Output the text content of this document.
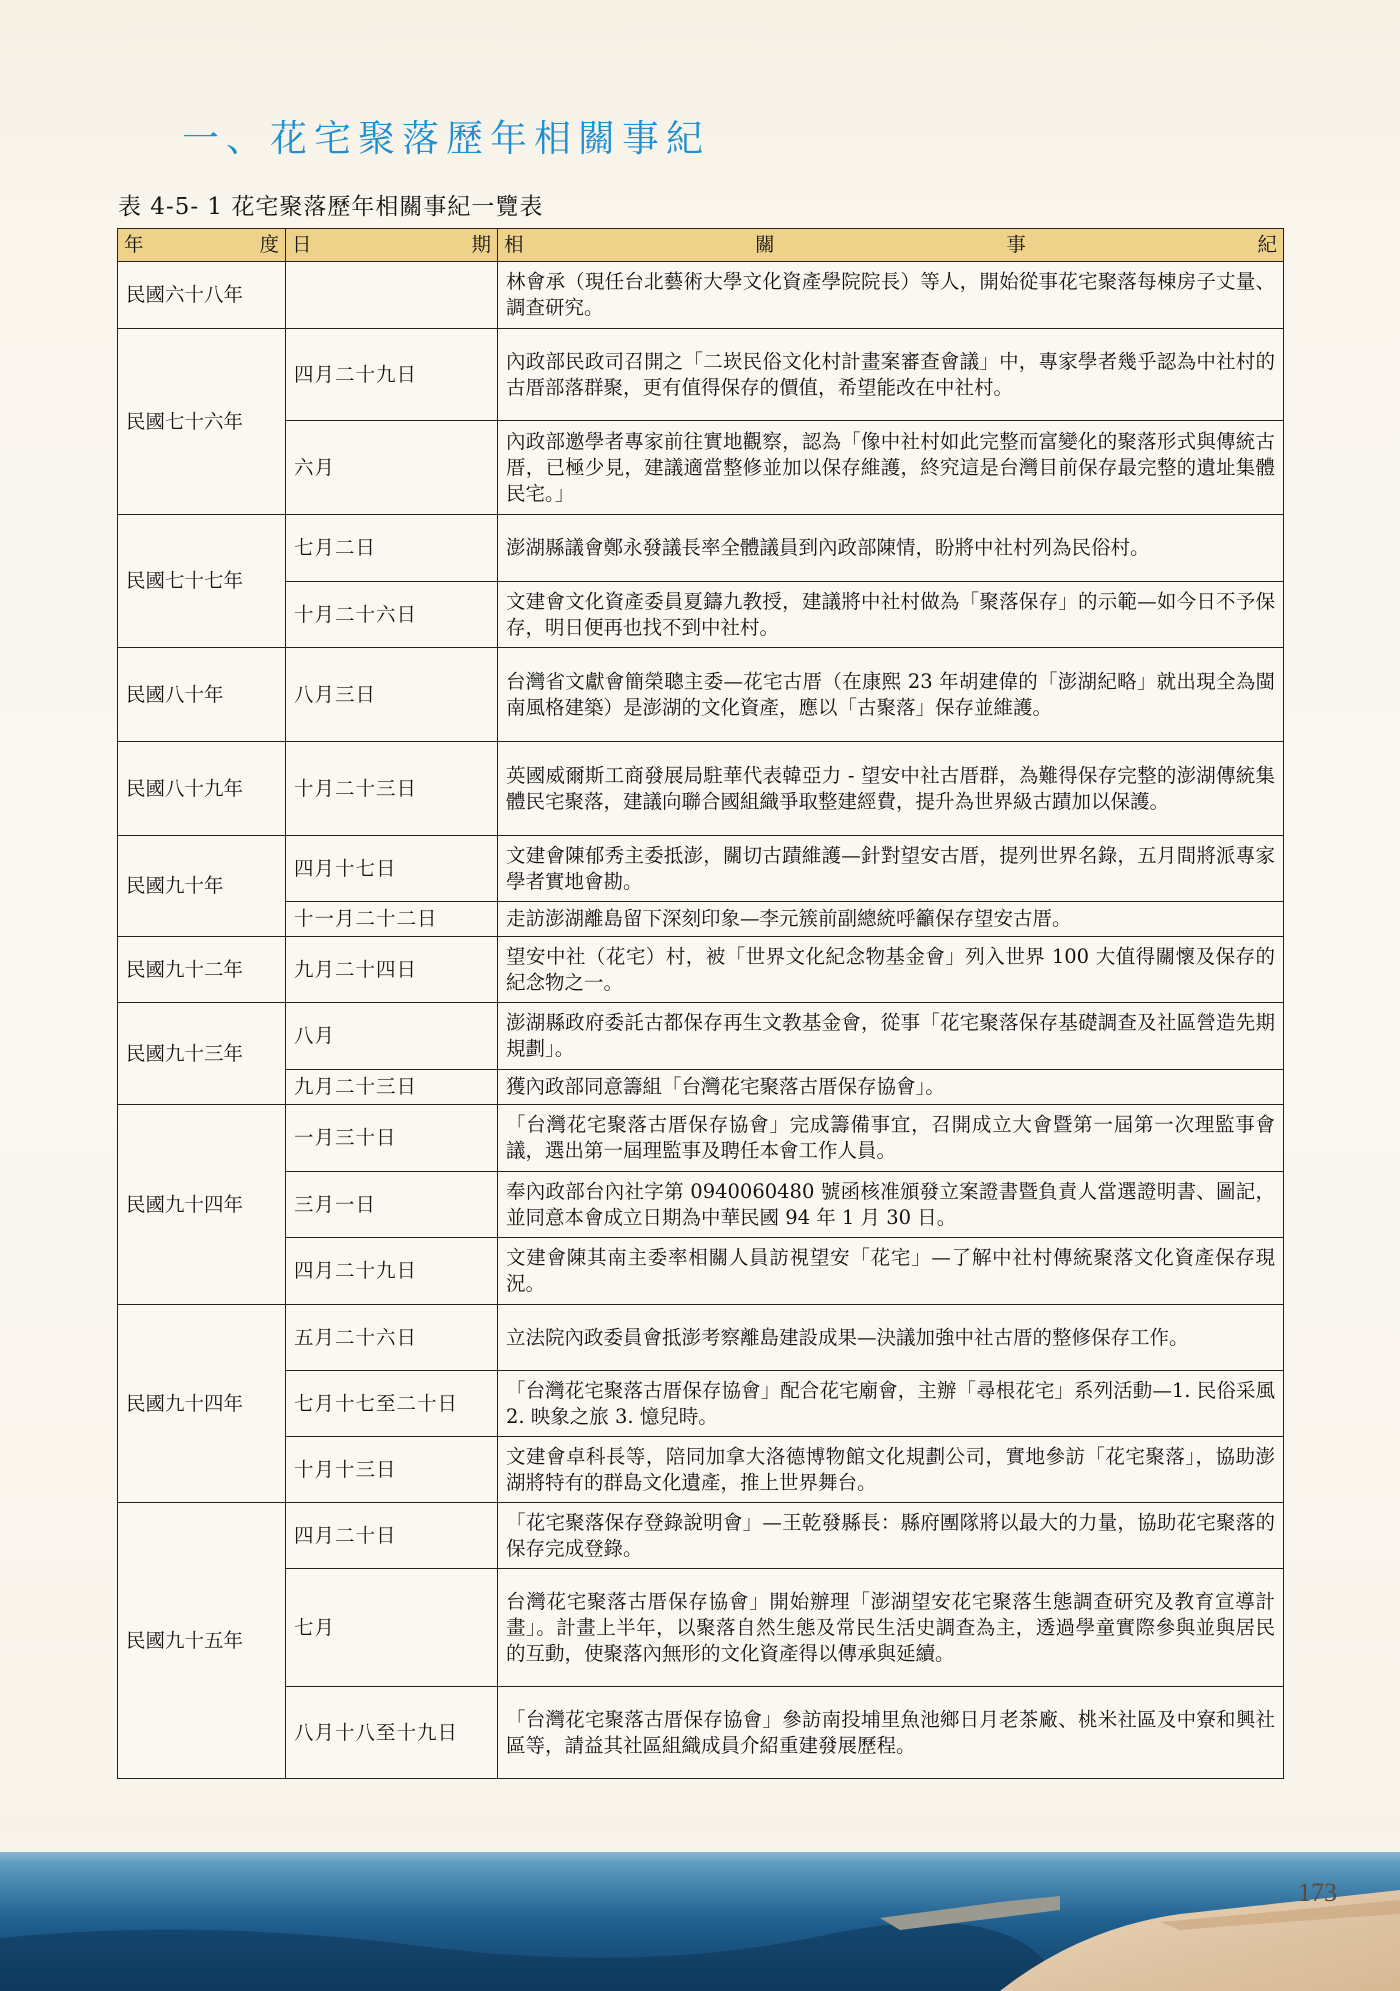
一、花宅聚落歷年相關事紀
表 4-5- 1 花宅聚落歷年相關事紀一覽表
年 度	日 期	相 關 事 紀

民國六十八年		林會承（現任台北藝術大學文化資產學院院長）等人，開始從事花宅聚落每棟房子丈量、調查研究。
民國七十六年	四月二十九日	內政部民政司召開之「二崁民俗文化村計畫案審查會議」中，專家學者幾乎認為中社村的古厝部落群聚，更有值得保存的價值，希望能改在中社村。
	六月	內政部邀學者專家前往實地觀察，認為「像中社村如此完整而富變化的聚落形式與傳統古厝，已極少見，建議適當整修並加以保存維護，終究這是台灣目前保存最完整的遺址集體民宅。」
民國七十七年	七月二日	澎湖縣議會鄭永發議長率全體議員到內政部陳情，盼將中社村列為民俗村。
	十月二十六日	文建會文化資產委員夏鑄九教授，建議將中社村做為「聚落保存」的示範—如今日不予保存，明日便再也找不到中社村。
民國八十年	八月三日	台灣省文獻會簡榮聰主委—花宅古厝（在康熙 23 年胡建偉的「澎湖紀略」就出現全為閩南風格建築）是澎湖的文化資產，應以「古聚落」保存並維護。
民國八十九年	十月二十三日	英國威爾斯工商發展局駐華代表韓亞力 - 望安中社古厝群，為難得保存完整的澎湖傳統集體民宅聚落，建議向聯合國組織爭取整建經費，提升為世界級古蹟加以保護。
民國九十年	四月十七日	文建會陳郁秀主委抵澎，關切古蹟維護—針對望安古厝，提列世界名錄，五月間將派專家學者實地會勘。
	十一月二十二日	走訪澎湖離島留下深刻印象—李元簇前副總統呼籲保存望安古厝。
民國九十二年	九月二十四日	望安中社（花宅）村，被「世界文化紀念物基金會」列入世界 100 大值得關懷及保存的紀念物之一。
民國九十三年	八月	澎湖縣政府委託古都保存再生文教基金會，從事「花宅聚落保存基礎調查及社區營造先期規劃」。
	九月二十三日	獲內政部同意籌組「台灣花宅聚落古厝保存協會」。
民國九十四年	一月三十日	「台灣花宅聚落古厝保存協會」完成籌備事宜，召開成立大會暨第一屆第一次理監事會議，選出第一屆理監事及聘任本會工作人員。
	三月一日	奉內政部台內社字第 0940060480 號函核准頒發立案證書暨負責人當選證明書、圖記，並同意本會成立日期為中華民國 94 年 1 月 30 日。
	四月二十九日	文建會陳其南主委率相關人員訪視望安「花宅」—了解中社村傳統聚落文化資產保存現況。
民國九十四年	五月二十六日	立法院內政委員會抵澎考察離島建設成果—決議加強中社古厝的整修保存工作。
	七月十七至二十日	「台灣花宅聚落古厝保存協會」配合花宅廟會，主辦「尋根花宅」系列活動—1. 民俗采風 2. 映象之旅 3. 憶兒時。
	十月十三日	文建會卓科長等，陪同加拿大洛德博物館文化規劃公司，實地參訪「花宅聚落」，協助澎湖將特有的群島文化遺產，推上世界舞台。
民國九十五年	四月二十日	「花宅聚落保存登錄說明會」—王乾發縣長：縣府團隊將以最大的力量，協助花宅聚落的保存完成登錄。
	七月	台灣花宅聚落古厝保存協會」開始辦理「澎湖望安花宅聚落生態調查研究及教育宣導計畫」。計畫上半年，以聚落自然生態及常民生活史調查為主，透過學童實際參與並與居民的互動，使聚落內無形的文化資產得以傳承與延續。
	八月十八至十九日	「台灣花宅聚落古厝保存協會」參訪南投埔里魚池鄉日月老茶廠、桃米社區及中寮和興社區等，請益其社區組織成員介紹重建發展歷程。
173
